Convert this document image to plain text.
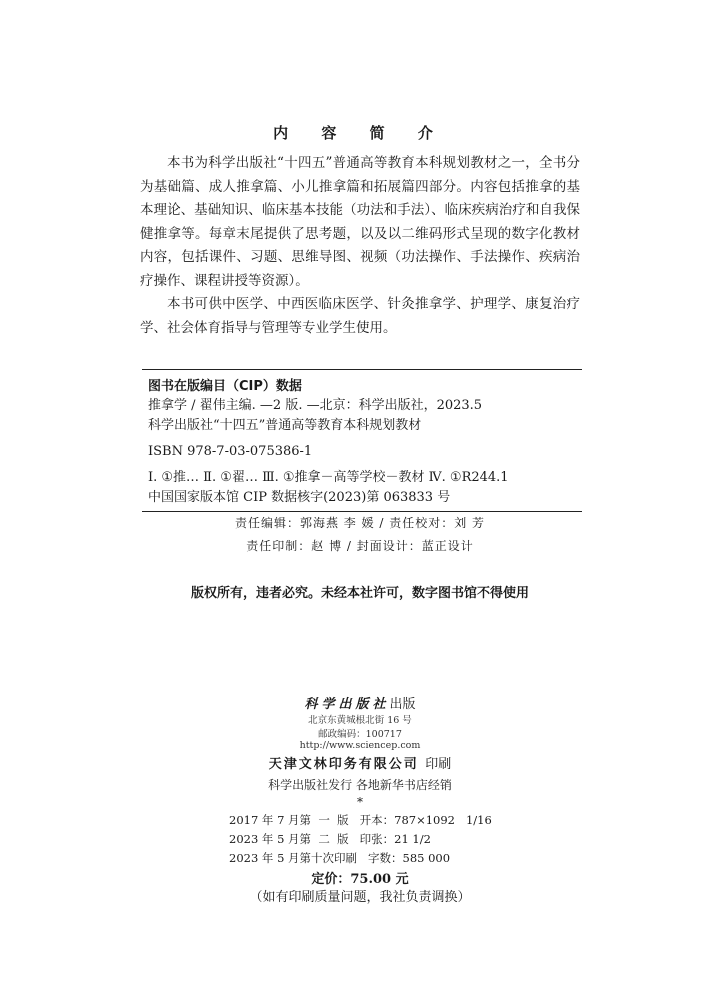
内 容 简 介

本书为科学出版社“十四五”普通高等教育本科规划教材之一，全书分为基础篇、成人推拿篇、小儿推拿篇和拓展篇四部分。内容包括推拿的基本理论、基础知识、临床基本技能（功法和手法）、临床疾病治疗和自我保健推拿等。每章末尾提供了思考题，以及以二维码形式呈现的数字化教材内容，包括课件、习题、思维导图、视频（功法操作、手法操作、疾病治疗操作、课程讲授等资源）。

本书可供中医学、中西医临床医学、针灸推拿学、护理学、康复治疗学、社会体育指导与管理等专业学生使用。

图书在版编目（CIP）数据
推拿学 / 翟伟主编. —2 版. —北京：科学出版社，2023.5
科学出版社“十四五”普通高等教育本科规划教材
ISBN 978-7-03-075386-1
Ⅰ. ①推… Ⅱ. ①翟… Ⅲ. ①推拿－高等学校－教材 Ⅳ. ①R244.1
中国国家版本馆 CIP 数据核字(2023)第 063833 号
责任编辑：郭海燕 李 媛 / 责任校对：刘 芳
责任印制：赵 博 / 封面设计：蓝正设计
版权所有，违者必究。未经本社许可，数字图书馆不得使用
科学出版社出版
北京东黄城根北街 16 号
邮政编码：100717
http://www.sciencep.com
天津文林印务有限公司 印刷
科学出版社发行 各地新华书店经销
*
2017 年 7 月第  一  版   开本：787×1092   1/16
2023 年 5 月第  二  版   印张：21 1/2
2023 年 5 月第十次印刷   字数：585 000
定价：75.00 元
（如有印刷质量问题，我社负责调换）
